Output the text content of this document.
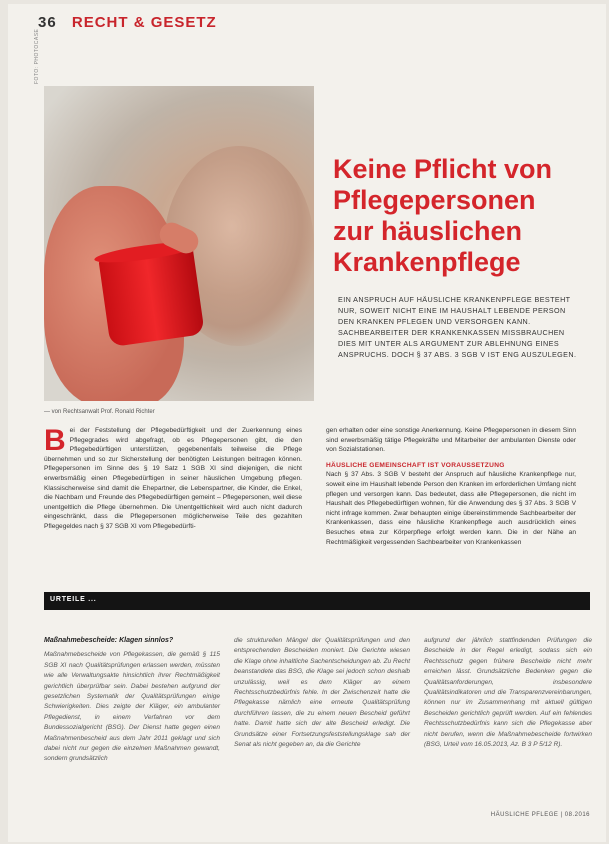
36 RECHT & GESETZ
FOTO: PHOTOCASE
Keine Pflicht von Pflegepersonen zur häuslichen Krankenpflege
EIN ANSPRUCH AUF HÄUSLICHE KRANKENPFLEGE BESTEHT NUR, SOWEIT NICHT EINE IM HAUSHALT LEBENDE PERSON DEN KRANKEN PFLEGEN UND VERSORGEN KANN. SACHBEARBEITER DER KRANKENKASSEN MISSBRAUCHEN DIES MIT UNTER ALS ARGUMENT ZUR ABLEHNUNG EINES ANSPRUCHS. DOCH § 37 ABS. 3 SGB V IST ENG AUSZULEGEN.
— von Rechtsanwalt Prof. Ronald Richter
B ei der Feststellung der Pflegebedürftigkeit und der Zuerkennung eines Pflegegrades wird abgefragt, ob es Pflegepersonen gibt, die den Pflegebedürftigen unterstützen, gegebenenfalls teilweise die Pflege übernehmen und so zur Sicherstellung der benötigten Leistungen beitragen können. Pflegepersonen im Sinne des § 19 Satz 1 SGB XI sind diejenigen, die nicht erwerbsmäßig einen Pflegebedürftigen in seiner häuslichen Umgebung pflegen. Klassischerweise sind damit die Ehepartner, die Lebenspartner, die Kinder, die Enkel, die Nachbarn und Freunde des Pflegebedürftigen gemeint – Pflegepersonen, weil diese unentgeltlich die Pflege übernehmen. Die Unentgeltlichkeit wird auch nicht dadurch eingeschränkt, dass die Pflegepersonen möglicherweise Teile des gezahlten Pflegegeldes nach § 37 SGB XI vom Pflegebedürfti-
gen erhalten oder eine sonstige Anerkennung. Keine Pflegepersonen in diesem Sinn sind erwerbsmäßig tätige Pflegekräfte und Mitarbeiter der ambulanten Dienste oder von Sozialstationen.
HÄUSLICHE GEMEINSCHAFT IST VORAUSSETZUNG
Nach § 37 Abs. 3 SGB V besteht der Anspruch auf häusliche Krankenpflege nur, soweit eine im Haushalt lebende Person den Kranken im erforderlichen Umfang nicht pflegen und versorgen kann. Das bedeutet, dass alle Pflegepersonen, die nicht im Haushalt des Pflegebedürftigen wohnen, für die Anwendung des § 37 Abs. 3 SGB V nicht infrage kommen. Zwar behaupten einige übereinstimmende Sachbearbeiter der Krankenkassen, dass eine häusliche Krankenpflege auch ausdrücklich eines Besuches etwa zur Körperpflege erfolgt werden kann. Die in der Nähe an Rechtmäßigkeit vergessenden Sachbearbeiter von Krankenkassen
URTEILE ...
Maßnahmebescheide: Klagen sinnlos?
Maßnahmebescheide von Pflegekassen, die gemäß § 115 SGB XI nach Qualitätsprüfungen erlassen werden, müssten wie alle Verwaltungsakte hinsichtlich ihrer Rechtmäßigkeit gerichtlich überprüfbar sein. Dabei bestehen aufgrund der gesetzlichen Systematik der Qualitätsprüfungen einige Schwierigkeiten. Dies zeigte der Kläger, ein ambulanter Pflegedienst, in einem Verfahren vor dem Bundessozialgericht (BSG). Der Dienst hatte gegen einen Maßnahmenbescheid aus dem Jahr 2011 geklagt und sich dabei nicht nur gegen die einzelnen Maßnahmen gewandt, sondern grundsätzlich
die strukturellen Mängel der Qualitätsprüfungen und den entsprechenden Bescheiden moniert. Die Gerichte wiesen die Klage ohne inhaltliche Sachentscheidungen ab. Zu Recht beanstandete das BSG, die Klage sei jedoch schon deshalb unzulässig, weil es dem Kläger an einem Rechtsschutzbedürfnis fehle. In der Zwischenzeit hatte die Pflegekasse nämlich eine erneute Qualitätsprüfung durchführen lassen, die zu einem neuen Bescheid geführt hatte. Damit hatte sich der alte Bescheid erledigt. Die Grundsätze einer Fortsetzungsfeststellungsklage sah der Senat als nicht gegeben an, da die Gerichte
aufgrund der jährlich stattfindenden Prüfungen die Bescheide in der Regel erledigt, sodass sich ein Rechtsschutz gegen frühere Bescheide nicht mehr erreichen lässt. Grundsätzliche Bedenken gegen die Qualitätsanforderungen, insbesondere Qualitätsindikatoren und die Transparenzvereinbarungen, können nur im Zusammenhang mit aktuell gültigen Bescheiden gerichtlich geprüft werden. Auf ein fehlendes Rechtsschutzbedürfnis kann sich die Pflegekasse aber nicht berufen, wenn die Maßnahmebescheide fortwirken (BSG, Urteil vom 16.05.2013, Az. B 3 P 5/12 R).
HÄUSLICHE PFLEGE | 08.2016
